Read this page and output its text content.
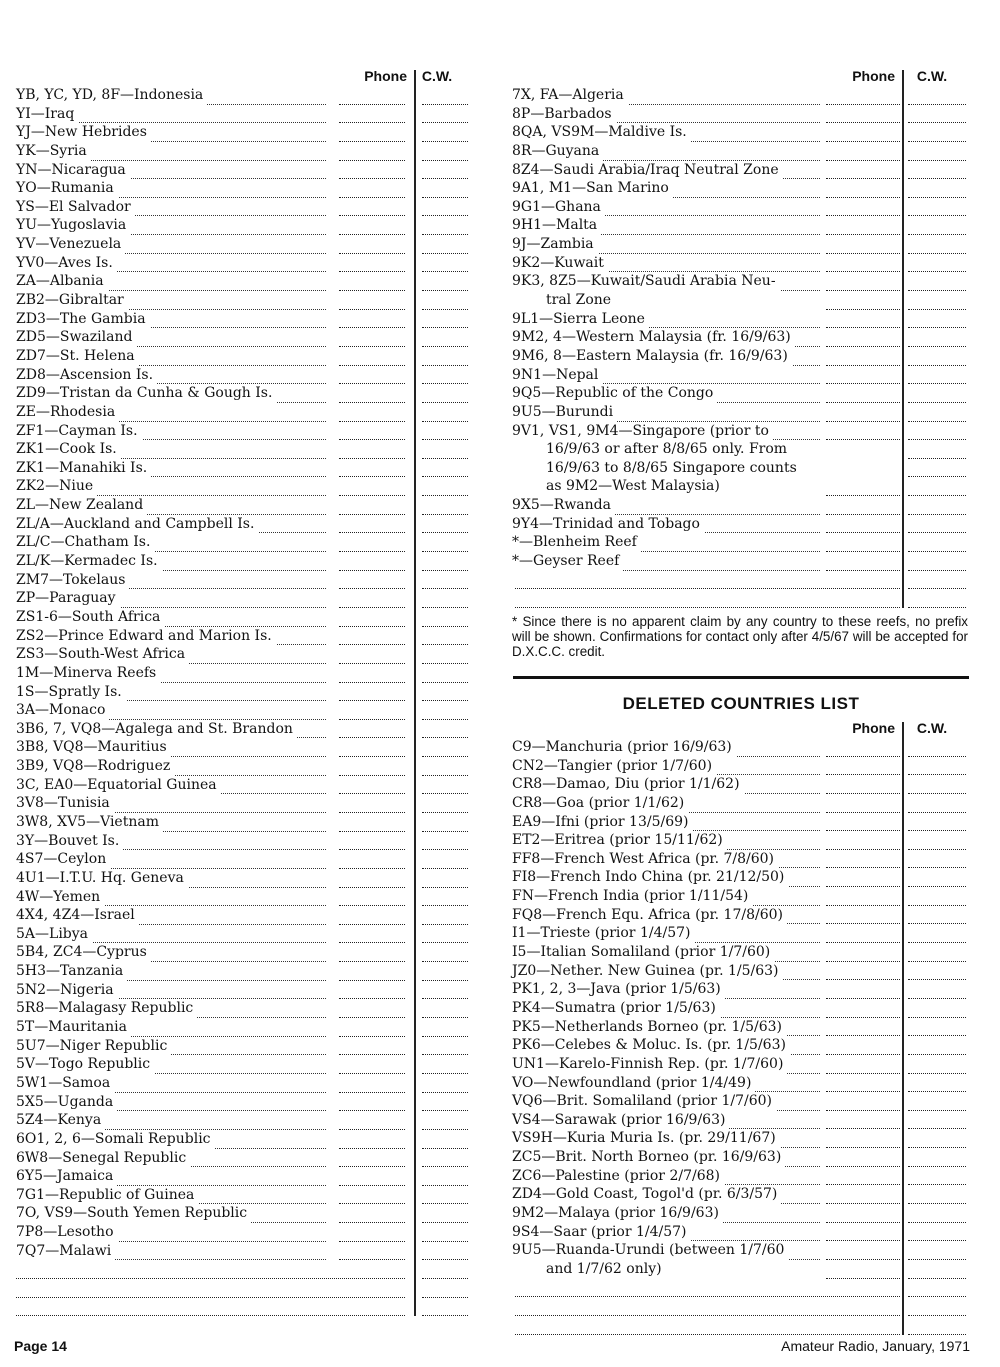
Phone	C.W.
YB, YC, YD, 8F—Indonesia
YI—Iraq
YJ—New Hebrides
YK—Syria
YN—Nicaragua
YO—Rumania
YS—El Salvador
YU—Yugoslavia
YV—Venezuela
YV0—Aves Is.
ZA—Albania
ZB2—Gibraltar
ZD3—The Gambia
ZD5—Swaziland
ZD7—St. Helena
ZD8—Ascension Is.
ZD9—Tristan da Cunha & Gough Is.
ZE—Rhodesia
ZF1—Cayman Is.
ZK1—Cook Is.
ZK1—Manahiki Is.
ZK2—Niue
ZL—New Zealand
ZL/A—Auckland and Campbell Is.
ZL/C—Chatham Is.
ZL/K—Kermadec Is.
ZM7—Tokelaus
ZP—Paraguay
ZS1-6—South Africa
ZS2—Prince Edward and Marion Is.
ZS3—South-West Africa
1M—Minerva Reefs
1S—Spratly Is.
3A—Monaco
3B6, 7, VQ8—Agalega and St. Brandon
3B8, VQ8—Mauritius
3B9, VQ8—Rodriguez
3C, EA0—Equatorial Guinea
3V8—Tunisia
3W8, XV5—Vietnam
3Y—Bouvet Is.
4S7—Ceylon
4U1—I.T.U. Hq. Geneva
4W—Yemen
4X4, 4Z4—Israel
5A—Libya
5B4, ZC4—Cyprus
5H3—Tanzania
5N2—Nigeria
5R8—Malagasy Republic
5T—Mauritania
5U7—Niger Republic
5V—Togo Republic
5W1—Samoa
5X5—Uganda
5Z4—Kenya
6O1, 2, 6—Somali Republic
6W8—Senegal Republic
6Y5—Jamaica
7G1—Republic of Guinea
7O, VS9—South Yemen Republic
7P8—Lesotho
7Q7—Malawi
Phone	C.W.
7X, FA—Algeria
8P—Barbados
8QA, VS9M—Maldive Is.
8R—Guyana
8Z4—Saudi Arabia/Iraq Neutral Zone
9A1, M1—San Marino
9G1—Ghana
9H1—Malta
9J—Zambia
9K2—Kuwait
9K3, 8Z5—Kuwait/Saudi Arabia Neu-
tral Zone
9L1—Sierra Leone
9M2, 4—Western Malaysia (fr. 16/9/63)
9M6, 8—Eastern Malaysia (fr. 16/9/63)
9N1—Nepal
9Q5—Republic of the Congo
9U5—Burundi
9V1, VS1, 9M4—Singapore (prior to
16/9/63 or after 8/8/65 only. From
16/9/63 to 8/8/65 Singapore counts
as 9M2—West Malaysia)
9X5—Rwanda
9Y4—Trinidad and Tobago
*—Blenheim Reef
*—Geyser Reef
* Since there is no apparent claim by any country to these reefs, no prefix will be shown. Confirmations for contact only after 4/5/67 will be accepted for D.X.C.C. credit.
DELETED COUNTRIES LIST
Phone	C.W.
C9—Manchuria (prior 16/9/63)
CN2—Tangier (prior 1/7/60)
CR8—Damao, Diu (prior 1/1/62)
CR8—Goa (prior 1/1/62)
EA9—Ifni (prior 13/5/69)
ET2—Eritrea (prior 15/11/62)
FF8—French West Africa (pr. 7/8/60)
FI8—French Indo China (pr. 21/12/50)
FN—French India (prior 1/11/54)
FQ8—French Equ. Africa (pr. 17/8/60)
I1—Trieste (prior 1/4/57)
I5—Italian Somaliland (prior 1/7/60)
JZ0—Nether. New Guinea (pr. 1/5/63)
PK1, 2, 3—Java (prior 1/5/63)
PK4—Sumatra (prior 1/5/63)
PK5—Netherlands Borneo (pr. 1/5/63)
PK6—Celebes & Moluc. Is. (pr. 1/5/63)
UN1—Karelo-Finnish Rep. (pr. 1/7/60)
VO—Newfoundland (prior 1/4/49)
VQ6—Brit. Somaliland (prior 1/7/60)
VS4—Sarawak (prior 16/9/63)
VS9H—Kuria Muria Is. (pr. 29/11/67)
ZC5—Brit. North Borneo (pr. 16/9/63)
ZC6—Palestine (prior 2/7/68)
ZD4—Gold Coast, Togol'd (pr. 6/3/57)
9M2—Malaya (prior 16/9/63)
9S4—Saar (prior 1/4/57)
9U5—Ruanda-Urundi (between 1/7/60
and 1/7/62 only)
Page 14	Amateur Radio, January, 1971
